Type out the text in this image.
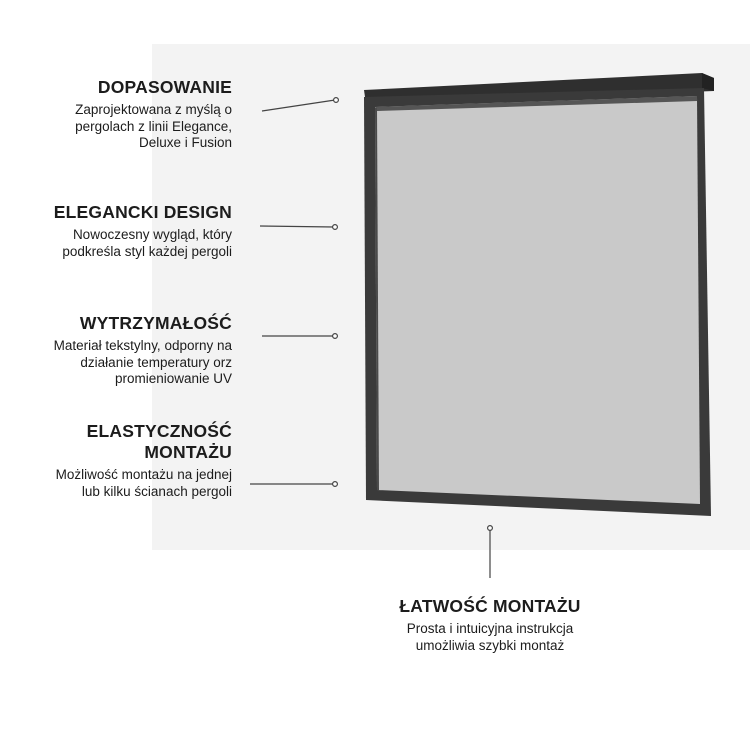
DOPASOWANIE
Zaprojektowana z myślą o
pergolach z linii Elegance,
Deluxe i Fusion
ELEGANCKI DESIGN
Nowoczesny wygląd, który
podkreśla styl każdej pergoli
WYTRZYMAŁOŚĆ
Materiał tekstylny, odporny na
działanie temperatury orz
promieniowanie UV
ELASTYCZNOŚĆ
MONTAŻU
Możliwość montażu na jednej
lub kilku ścianach pergoli
ŁATWOŚĆ MONTAŻU
Prosta i intuicyjna instrukcja
umożliwia szybki montaż
